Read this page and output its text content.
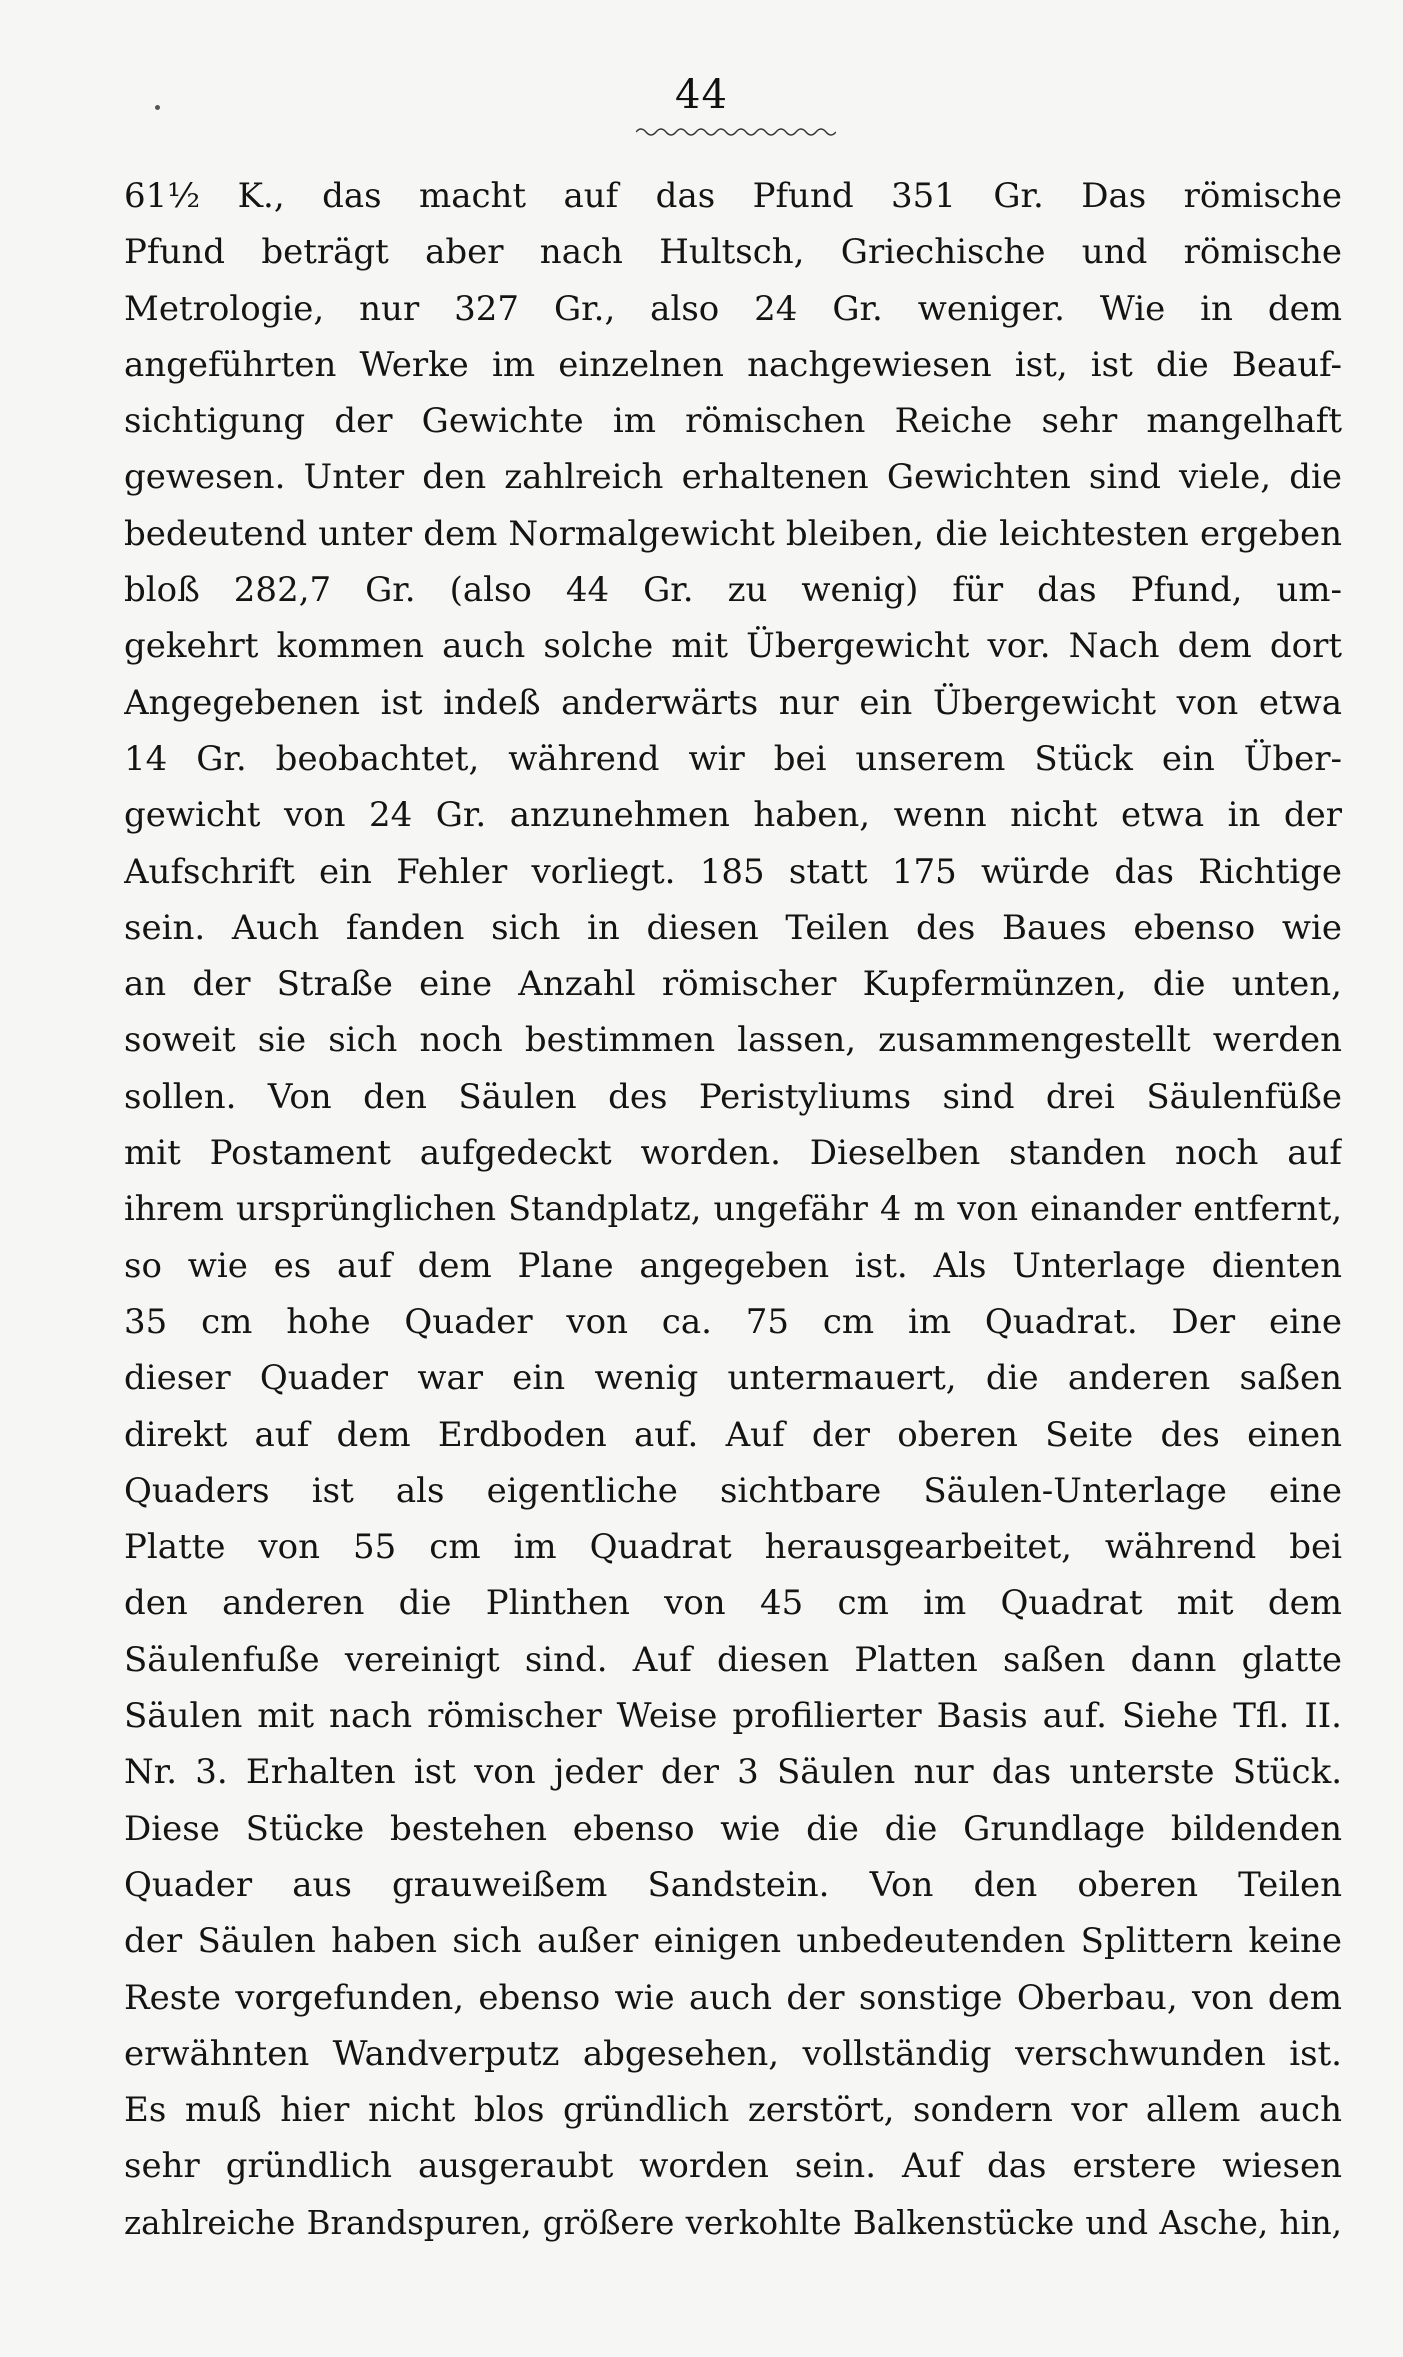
44
61½ K., das macht auf das Pfund 351 Gr. Das römische
Pfund beträgt aber nach Hultsch, Griechische und römische
Metrologie, nur 327 Gr., also 24 Gr. weniger. Wie in dem
angeführten Werke im einzelnen nachgewiesen ist, ist die Beauf-
sichtigung der Gewichte im römischen Reiche sehr mangelhaft
gewesen. Unter den zahlreich erhaltenen Gewichten sind viele, die
bedeutend unter dem Normalgewicht bleiben, die leichtesten ergeben
bloß 282,7 Gr. (also 44 Gr. zu wenig) für das Pfund, um-
gekehrt kommen auch solche mit Übergewicht vor. Nach dem dort
Angegebenen ist indeß anderwärts nur ein Übergewicht von etwa
14 Gr. beobachtet, während wir bei unserem Stück ein Über-
gewicht von 24 Gr. anzunehmen haben, wenn nicht etwa in der
Aufschrift ein Fehler vorliegt. 185 statt 175 würde das Richtige
sein. Auch fanden sich in diesen Teilen des Baues ebenso wie
an der Straße eine Anzahl römischer Kupfermünzen, die unten,
soweit sie sich noch bestimmen lassen, zusammengestellt werden
sollen. Von den Säulen des Peristyliums sind drei Säulenfüße
mit Postament aufgedeckt worden. Dieselben standen noch auf
ihrem ursprünglichen Standplatz, ungefähr 4 m von einander entfernt,
so wie es auf dem Plane angegeben ist. Als Unterlage dienten
35 cm hohe Quader von ca. 75 cm im Quadrat. Der eine
dieser Quader war ein wenig untermauert, die anderen saßen
direkt auf dem Erdboden auf. Auf der oberen Seite des einen
Quaders ist als eigentliche sichtbare Säulen-Unterlage eine
Platte von 55 cm im Quadrat herausgearbeitet, während bei
den anderen die Plinthen von 45 cm im Quadrat mit dem
Säulenfuße vereinigt sind. Auf diesen Platten saßen dann glatte
Säulen mit nach römischer Weise profilierter Basis auf. Siehe Tfl. II.
Nr. 3. Erhalten ist von jeder der 3 Säulen nur das unterste Stück.
Diese Stücke bestehen ebenso wie die die Grundlage bildenden
Quader aus grauweißem Sandstein. Von den oberen Teilen
der Säulen haben sich außer einigen unbedeutenden Splittern keine
Reste vorgefunden, ebenso wie auch der sonstige Oberbau, von dem
erwähnten Wandverputz abgesehen, vollständig verschwunden ist.
Es muß hier nicht blos gründlich zerstört, sondern vor allem auch
sehr gründlich ausgeraubt worden sein. Auf das erstere wiesen
zahlreiche Brandspuren, größere verkohlte Balkenstücke und Asche, hin,
